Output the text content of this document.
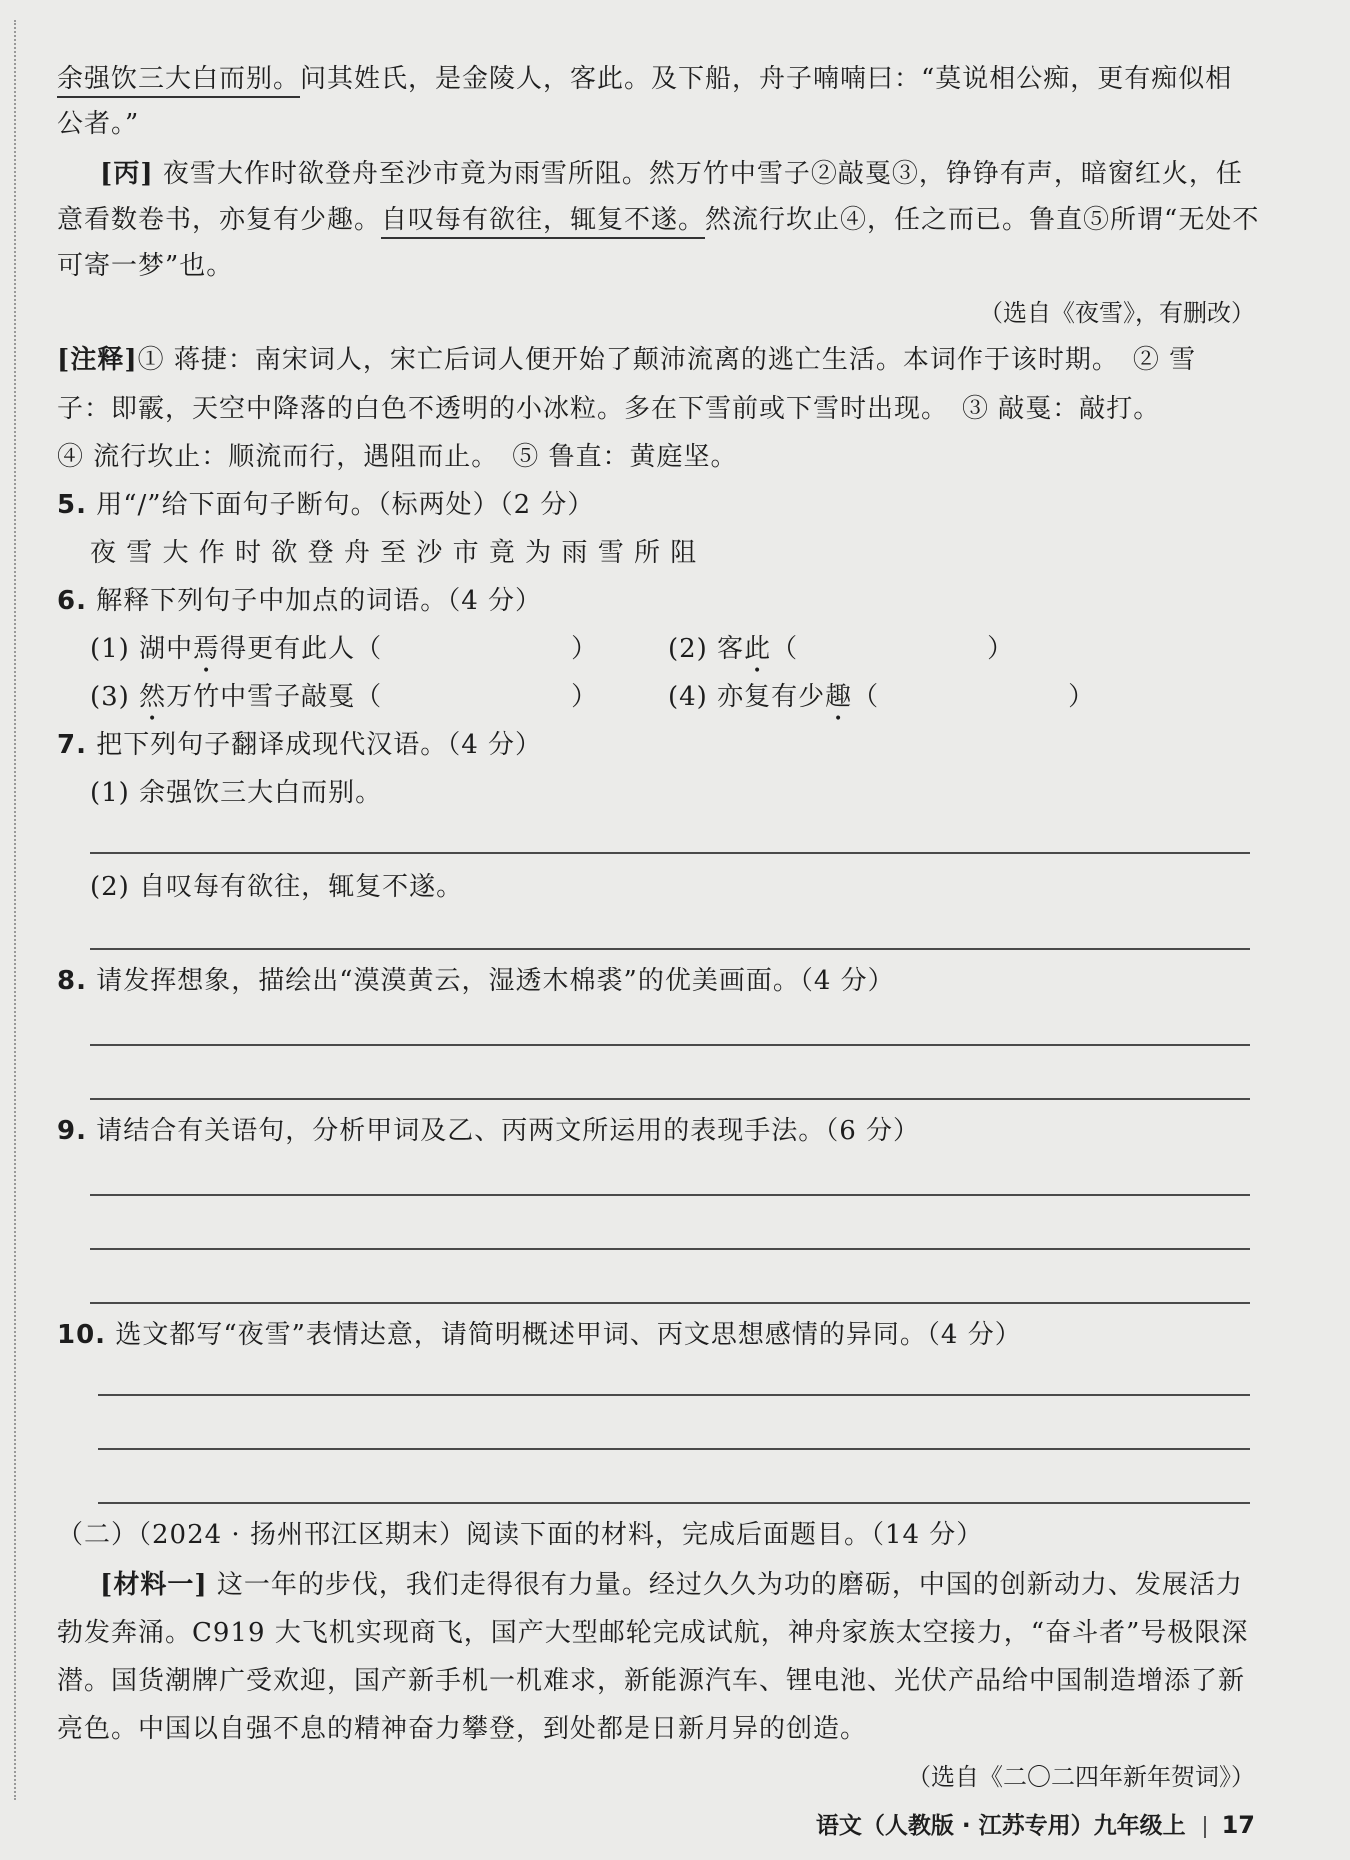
余强饮三大白而别。问其姓氏，是金陵人，客此。及下船，舟子喃喃曰：“莫说相公痴，更有痴似相
公者。”
[丙] 夜雪大作时欲登舟至沙市竟为雨雪所阻。然万竹中雪子②敲戛③，铮铮有声，暗窗红火，任
意看数卷书，亦复有少趣。自叹每有欲往，辄复不遂。然流行坎止④，任之而已。鲁直⑤所谓“无处不
可寄一梦”也。
（选自《夜雪》，有删改）
[注释]① 蒋捷：南宋词人，宋亡后词人便开始了颠沛流离的逃亡生活。本词作于该时期。　② 雪
子：即霰，天空中降落的白色不透明的小冰粒。多在下雪前或下雪时出现。　③ 敲戛：敲打。
④ 流行坎止：顺流而行，遇阻而止。　⑤ 鲁直：黄庭坚。
5. 用“/”给下面句子断句。（标两处）（2 分）
夜 雪 大 作 时 欲 登 舟 至 沙 市 竟 为 雨 雪 所 阻
6. 解释下列句子中加点的词语。（4 分）
(1) 湖中焉得更有此人（　　　　　　　）	(2) 客此（　　　　　　　）
(3) 然万竹中雪子敲戛（　　　　　　　）	(4) 亦复有少趣（　　　　　　　）
7. 把下列句子翻译成现代汉语。（4 分）
(1) 余强饮三大白而别。
(2) 自叹每有欲往，辄复不遂。
8. 请发挥想象，描绘出“漠漠黄云，湿透木棉裘”的优美画面。（4 分）
9. 请结合有关语句，分析甲词及乙、丙两文所运用的表现手法。（6 分）
10. 选文都写“夜雪”表情达意，请简明概述甲词、丙文思想感情的异同。（4 分）
（二）（2024 · 扬州邗江区期末）阅读下面的材料，完成后面题目。（14 分）
[材料一] 这一年的步伐，我们走得很有力量。经过久久为功的磨砺，中国的创新动力、发展活力
勃发奔涌。C919 大飞机实现商飞，国产大型邮轮完成试航，神舟家族太空接力，“奋斗者”号极限深
潜。国货潮牌广受欢迎，国产新手机一机难求，新能源汽车、锂电池、光伏产品给中国制造增添了新
亮色。中国以自强不息的精神奋力攀登，到处都是日新月异的创造。
（选自《二〇二四年新年贺词》）
语文（人教版 · 江苏专用）九年级上 17
